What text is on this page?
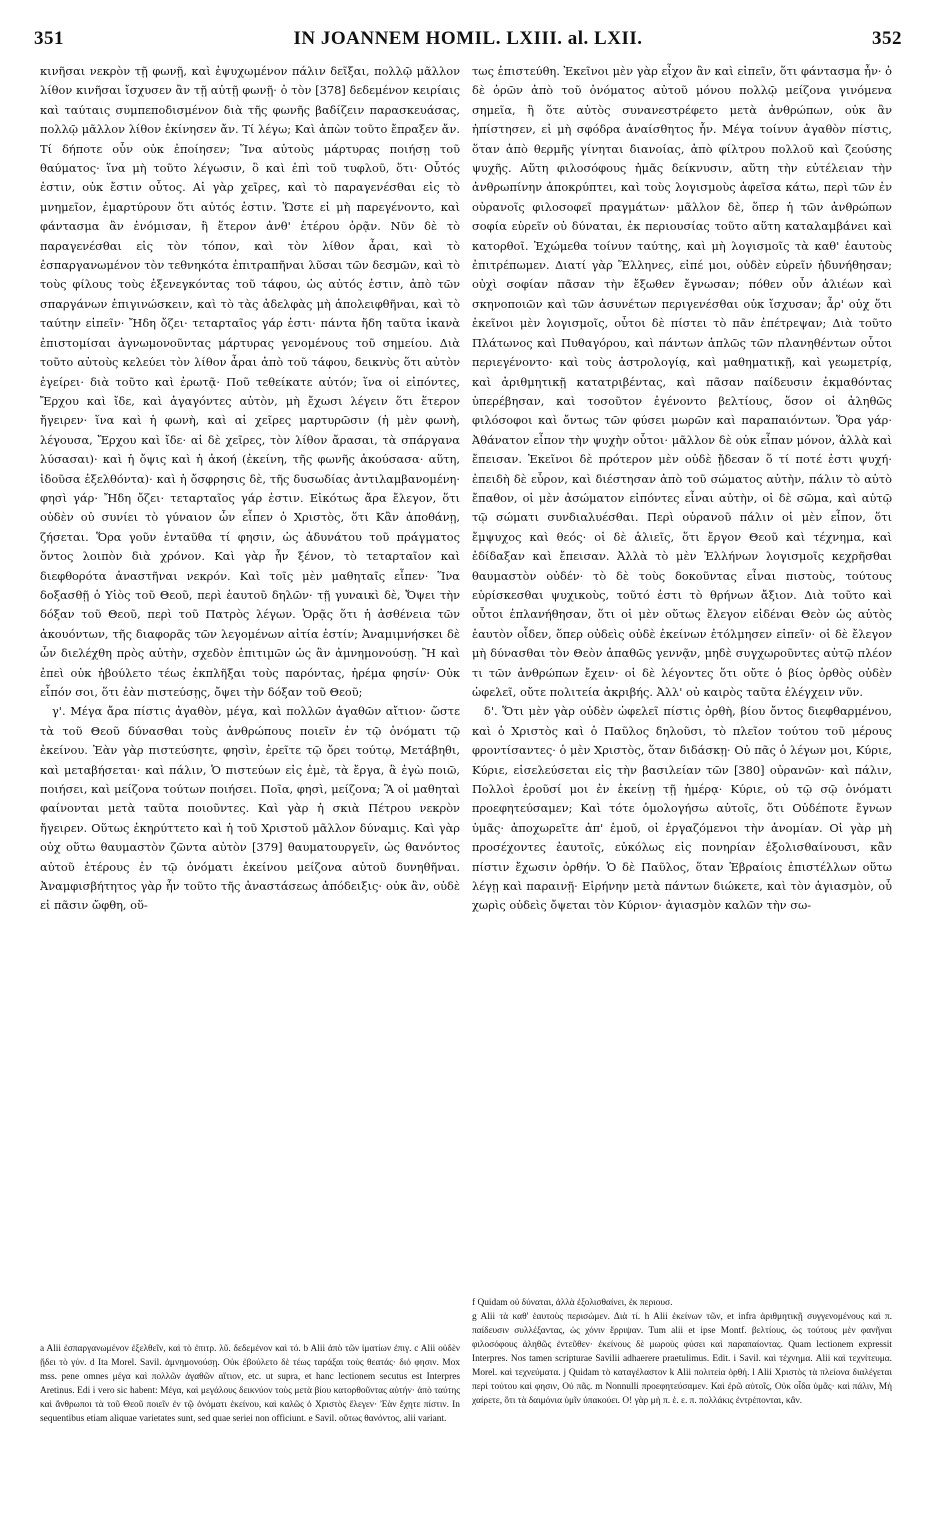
351	IN JOANNEM HOMIL. LXIII. al. LXII.	352

κινῆσαι νεκρὸν τῇ φωνῇ, καὶ ἐψυχωμένον πάλιν δεῖξαι, πολλῷ μᾶλλον λίθον κινῆσαι ἴσχυσεν ἂν τῇ αὐτῇ φωνῇ· ὁ τὸν [378] δεδεμένον κειρίαις καὶ ταύταις συμπεποδισμένον διὰ τῆς φωνῆς βαδίζειν παρασκευάσας, πολλῷ μᾶλλον λίθον ἐκίνησεν ἄν. Τί λέγω; Καὶ ἀπὼν τοῦτο ἔπραξεν ἄν. Τί δήποτε οὖν οὐκ ἐποίησεν; Ἵνα αὐτοὺς μάρτυρας ποιήσῃ τοῦ θαύματος· ἵνα μὴ τοῦτο λέγωσιν, ὃ καὶ ἐπὶ τοῦ τυφλοῦ, ὅτι· Οὗτός ἐστιν, οὐκ ἔστιν οὗτος. Αἱ γὰρ χεῖρες, καὶ τὸ παραγενέσθαι εἰς τὸ μνημεῖον, ἐμαρτύρουν ὅτι αὐτός ἐστιν. Ὥστε εἰ μὴ παρεγένοντο, καὶ φάντασμα ἂν ἐνόμισαν, ἢ ἕτερον ἀνθ' ἑτέρου ὁρᾷν. Νῦν δὲ τὸ παραγενέσθαι εἰς τὸν τόπον, καὶ τὸν λίθον ἆραι, καὶ τὸ ἐσπαργανωμένον τὸν τεθνηκότα ἐπιτραπῆναι λῦσαι τῶν δεσμῶν, καὶ τὸ τοὺς φίλους τοὺς ἐξενεγκόντας τοῦ τάφου, ὡς αὐτός ἐστιν, ἀπὸ τῶν σπαργάνων ἐπιγινώσκειν, καὶ τὸ τὰς ἀδελφὰς μὴ ἀπολειφθῆναι, καὶ τὸ ταύτην εἰπεῖν· Ἤδη ὄζει· τεταρταῖος γάρ ἐστι· πάντα ἤδη ταῦτα ἱκανὰ ἐπιστομίσαι ἀγνωμονοῦντας μάρτυρας γενομένους τοῦ σημείου. Διὰ τοῦτο αὐτοὺς κελεύει τὸν λίθον ἆραι ἀπὸ τοῦ τάφου, δεικνὺς ὅτι αὐτὸν ἐγείρει· διὰ τοῦτο καὶ ἐρωτᾷ· Ποῦ τεθείκατε αὐτόν; ἵνα οἱ εἰπόντες, Ἔρχου καὶ ἴδε, καὶ ἀγαγόντες αὐτὸν, μὴ ἔχωσι λέγειν ὅτι ἕτερον ἤγειρεν· ἵνα καὶ ἡ φωνὴ, καὶ αἱ χεῖρες μαρτυρῶσιν (ἡ μὲν φωνὴ, λέγουσα, Ἔρχου καὶ ἴδε· αἱ δὲ χεῖρες, τὸν λίθον ἄρασαι, τὰ σπάργανα λύσασαι)· καὶ ἡ ὄψις καὶ ἡ ἀκοή (ἐκείνη, τῆς φωνῆς ἀκούσασα· αὕτη, ἰδοῦσα ἐξελθόντα)· καὶ ἡ ὄσφρησις δὲ, τῆς δυσωδίας ἀντιλαμβανομένη· φησὶ γάρ· Ἤδη ὄζει· τεταρταῖος γάρ ἐστιν. Εἰκότως ἄρα ἔλεγον, ὅτι οὐδὲν οὐ συνίει τὸ γύναιον ὧν εἶπεν ὁ Χριστὸς, ὅτι Κἂν ἀποθάνῃ, ζήσεται. Ὅρα γοῦν ἐνταῦθα τί φησιν, ὡς ἀδυνάτου τοῦ πράγματος ὄντος λοιπὸν διὰ χρόνον. Καὶ γὰρ ἦν ξένον, τὸ τεταρταῖον καὶ διεφθορότα ἀναστῆναι νεκρόν. Καὶ τοῖς μὲν μαθηταῖς εἶπεν· Ἵνα δοξασθῇ ὁ Υἱὸς τοῦ Θεοῦ, περὶ ἑαυτοῦ δηλῶν· τῇ γυναικὶ δὲ, Ὄψει τὴν δόξαν τοῦ Θεοῦ, περὶ τοῦ Πατρὸς λέγων. Ὁρᾷς ὅτι ἡ ἀσθένεια τῶν ἀκουόντων, τῆς διαφορᾶς τῶν λεγομένων αἰτία ἐστίν; Ἀναμιμνήσκει δὲ ὧν διελέχθη πρὸς αὐτὴν, σχεδὸν ἐπιτιμῶν ὡς ἂν ἀμνημονούσῃ. Ἢ καὶ ἐπεὶ οὐκ ἠβούλετο τέως ἐκπλῆξαι τοὺς παρόντας, ἠρέμα φησίν· Οὐκ εἶπόν σοι, ὅτι ἐὰν πιστεύσῃς, ὄψει τὴν δόξαν τοῦ Θεοῦ;

γ'. Μέγα ἄρα πίστις ἀγαθὸν, μέγα, καὶ πολλῶν ἀγαθῶν αἴτιον· ὥστε τὰ τοῦ Θεοῦ δύνασθαι τοὺς ἀνθρώπους ποιεῖν ἐν τῷ ὀνόματι τῷ ἐκείνου. Ἐὰν γὰρ πιστεύσητε, φησὶν, ἐρεῖτε τῷ ὄρει τούτῳ, Μετάβηθι, καὶ μεταβήσεται· καὶ πάλιν, Ὁ πιστεύων εἰς ἐμὲ, τὰ ἔργα, ἃ ἐγὼ ποιῶ, ποιήσει, καὶ μείζονα τούτων ποιήσει. Ποῖα, φησὶ, μείζονα; Ἃ οἱ μαθηταὶ φαίνονται μετὰ ταῦτα ποιοῦντες. Καὶ γὰρ ἡ σκιὰ Πέτρου νεκρὸν ἤγειρεν. Οὕτως ἐκηρύττετο καὶ ἡ τοῦ Χριστοῦ μᾶλλον δύναμις. Καὶ γὰρ οὐχ οὕτω θαυμαστὸν ζῶντα αὐτὸν [379] θαυματουργεῖν, ὡς θανόντος αὐτοῦ ἑτέρους ἐν τῷ ὀνόματι ἐκείνου μείζονα αὐτοῦ δυνηθῆναι. Ἀναμφισβήτητος γὰρ ἦν τοῦτο τῆς ἀναστάσεως ἀπόδειξις· οὐκ ἂν, οὐδὲ εἰ πᾶσιν ὤφθη, οὕ-

τως ἐπιστεύθη. Ἐκεῖνοι μὲν γὰρ εἶχον ἂν καὶ εἰπεῖν, ὅτι φάντασμα ἦν· ὁ δὲ ὁρῶν ἀπὸ τοῦ ὀνόματος αὐτοῦ μόνου πολλῷ μείζονα γινόμενα σημεῖα, ἢ ὅτε αὐτὸς συνανεστρέφετο μετὰ ἀνθρώπων, οὐκ ἂν ἠπίστησεν, εἰ μὴ σφόδρα ἀναίσθητος ἦν. Μέγα τοίνυν ἀγαθὸν πίστις, ὅταν ἀπὸ θερμῆς γίνηται διανοίας, ἀπὸ φίλτρου πολλοῦ καὶ ζεούσης ψυχῆς. Αὕτη φιλοσόφους ἡμᾶς δείκνυσιν, αὕτη τὴν εὐτέλειαν τὴν ἀνθρωπίνην ἀποκρύπτει, καὶ τοὺς λογισμοὺς ἀφεῖσα κάτω, περὶ τῶν ἐν οὐρανοῖς φιλοσοφεῖ πραγμάτων· μᾶλλον δὲ, ὅπερ ἡ τῶν ἀνθρώπων σοφία εὑρεῖν οὐ δύναται, ἐκ περιουσίας τοῦτο αὕτη καταλαμβάνει καὶ κατορθοῖ. Ἐχώμεθα τοίνυν ταύτης, καὶ μὴ λογισμοῖς τὰ καθ' ἑαυτοὺς ἐπιτρέπωμεν. Διατί γὰρ Ἕλληνες, εἰπέ μοι, οὐδὲν εὑρεῖν ἠδυνήθησαν; οὐχὶ σοφίαν πᾶσαν τὴν ἔξωθεν ἔγνωσαν; πόθεν οὖν ἁλιέων καὶ σκηνοποιῶν καὶ τῶν ἀσυνέτων περιγενέσθαι οὐκ ἴσχυσαν; ἆρ' οὐχ ὅτι ἐκεῖνοι μὲν λογισμοῖς, οὗτοι δὲ πίστει τὸ πᾶν ἐπέτρεψαν; Διὰ τοῦτο Πλάτωνος καὶ Πυθαγόρου, καὶ πάντων ἁπλῶς τῶν πλανηθέντων οὗτοι περιεγένοντο· καὶ τοὺς ἀστρολογίᾳ, καὶ μαθηματικῇ, καὶ γεωμετρίᾳ, καὶ ἀριθμητικῇ κατατριβέντας, καὶ πᾶσαν παίδευσιν ἐκμαθόντας ὑπερέβησαν, καὶ τοσοῦτον ἐγένοντο βελτίους, ὅσον οἱ ἀληθῶς φιλόσοφοι καὶ ὄντως τῶν φύσει μωρῶν καὶ παραπαιόντων. Ὅρα γάρ· Ἀθάνατον εἶπον τὴν ψυχὴν οὗτοι· μᾶλλον δὲ οὐκ εἶπαν μόνον, ἀλλὰ καὶ ἔπεισαν. Ἐκεῖνοι δὲ πρότερον μὲν οὐδὲ ᾔδεσαν ὅ τί ποτέ ἐστι ψυχή· ἐπειδὴ δὲ εὗρον, καὶ διέστησαν ἀπὸ τοῦ σώματος αὐτὴν, πάλιν τὸ αὐτὸ ἔπαθον, οἱ μὲν ἀσώματον εἰπόντες εἶναι αὐτὴν, οἱ δὲ σῶμα, καὶ αὐτῷ τῷ σώματι συνδιαλυέσθαι. Περὶ οὐρανοῦ πάλιν οἱ μὲν εἶπον, ὅτι ἔμψυχος καὶ θεός· οἱ δὲ ἁλιεῖς, ὅτι ἔργον Θεοῦ καὶ τέχνημα, καὶ ἐδίδαξαν καὶ ἔπεισαν. Ἀλλὰ τὸ μὲν Ἑλλήνων λογισμοῖς κεχρῆσθαι θαυμαστὸν οὐδέν· τὸ δὲ τοὺς δοκοῦντας εἶναι πιστοὺς, τούτους εὑρίσκεσθαι ψυχικοὺς, τοῦτό ἐστι τὸ θρήνων ἄξιον. Διὰ τοῦτο καὶ οὗτοι ἐπλανήθησαν, ὅτι οἱ μὲν οὕτως ἔλεγον εἰδέναι Θεὸν ὡς αὐτὸς ἑαυτὸν οἶδεν, ὅπερ οὐδεὶς οὐδὲ ἐκείνων ἐτόλμησεν εἰπεῖν· οἱ δὲ ἔλεγον μὴ δύνασθαι τὸν Θεὸν ἀπαθῶς γεννᾷν, μηδὲ συγχωροῦντες αὐτῷ πλέον τι τῶν ἀνθρώπων ἔχειν· οἱ δὲ λέγοντες ὅτι οὔτε ὁ βίος ὀρθὸς οὐδὲν ὠφελεῖ, οὔτε πολιτεία ἀκριβής. Ἀλλ' οὐ καιρὸς ταῦτα ἐλέγχειν νῦν.

δ'. Ὅτι μὲν γὰρ οὐδὲν ὠφελεῖ πίστις ὀρθὴ, βίου ὄντος διεφθαρμένου, καὶ ὁ Χριστὸς καὶ ὁ Παῦλος δηλοῦσι, τὸ πλεῖον τούτου τοῦ μέρους φροντίσαντες· ὁ μὲν Χριστὸς, ὅταν διδάσκῃ· Οὐ πᾶς ὁ λέγων μοι, Κύριε, Κύριε, εἰσελεύσεται εἰς τὴν βασιλείαν τῶν [380] οὐρανῶν· καὶ πάλιν, Πολλοὶ ἐροῦσί μοι ἐν ἐκείνῃ τῇ ἡμέρᾳ· Κύριε, οὐ τῷ σῷ ὀνόματι προεφητεύσαμεν; Καὶ τότε ὁμολογήσω αὐτοῖς, ὅτι Οὐδέποτε ἔγνων ὑμᾶς· ἀποχωρεῖτε ἀπ' ἐμοῦ, οἱ ἐργαζόμενοι τὴν ἀνομίαν. Οἱ γὰρ μὴ προσέχοντες ἑαυτοῖς, εὐκόλως εἰς πονηρίαν ἐξολισθαίνουσι, κἂν πίστιν ἔχωσιν ὀρθήν. Ὁ δὲ Παῦλος, ὅταν Ἑβραίοις ἐπιστέλλων οὕτω λέγῃ καὶ παραινῇ· Εἰρήνην μετὰ πάντων διώκετε, καὶ τὸν ἁγιασμὸν, οὗ χωρὶς οὐδεὶς ὄψεται τὸν Κύριον· ἁγιασμὸν καλῶν τὴν σω-

a Alii ἐσπαργανωμένον ἐξελθεῖν, καὶ τὸ ἐπιτρ. λῦ. δεδεμένον καὶ τό. b Alii ἀπὸ τῶν ἱματίων ἐπιγ. c Alii οὐδὲν ᾔδει τὸ γύν. d Ita Morel. Savil. ἀμνημονούσῃ. Οὐκ ἐβούλετο δὲ τέως ταράξαι τοὺς θεατάς· διό φησιν. Mox mss. pene omnes μέγα καὶ πολλῶν ἀγαθῶν αἴτιον, etc. ut supra, et hanc lectionem secutus est Interpres Aretinus. Edi i vero sic habent: Μέγα, καὶ μεγάλους δεικνύον τοὺς μετὰ βίου κατορθοῦντας αὐτήν· ἀπὸ ταύτης καὶ ἄνθρωποι τὰ τοῦ Θεοῦ ποιεῖν ἐν τῷ ὀνόματι ἐκείνου, καὶ καλῶς ὁ Χριστὸς ἔλεγεν· Ἐὰν ἔχητε πίστιν. In sequentibus etiam aliquae varietates sunt, sed quae seriei non officiunt. e Savil. οὕτως θανόντος, alii variant.

f Quidam οὐ δύναται, ἀλλὰ ἐξολισθαίνει, ἐκ περιουσ.

g Alii τὰ καθ' ἑαυτοὺς περισώμεν. Διὰ τί. h Alii ἐκείνων τῶν, et infra ἀριθμητικῇ συγγενομένους καὶ π. παίδευσιν συλλέξαντας, ὡς χόνιν ἔρριψαν. Tum alii et ipse Montf. βελτίους, ὡς τούτους μὲν φανῆναι φιλοσόφους ἀληθῶς ἐντεῦθεν· ἐκείνους δὲ μωροὺς φύσει καὶ παραπαίοντας. Quam lectionem expressit Interpres. Nos tamen scripturae Savilii adhaerere praetulimus. Edit. i Savil. καὶ τέχνημα. Alii καὶ τεχνίτευμα. Morel. καὶ τεχνεύματα. j Quidam τὸ καταγέλαστον k Alii πολιτεία ὀρθή. l Alii Χριστὸς τὰ πλείονα διαλέγεται περὶ τούτου καὶ φησιν, Οὐ πᾶς. m Nonnulli προεφητεύσαμεν. Καὶ ἐρῶ αὐτοῖς, Οὐκ οἶδα ὑμᾶς· καὶ πάλιν, Μὴ χαίρετε, ὅτι τὰ δαιμόνια ὑμῖν ὑπακούει. O! γὰρ μὴ π. ἑ. ε. π. πολλάκις ἐντρέπονται, κἂν.
